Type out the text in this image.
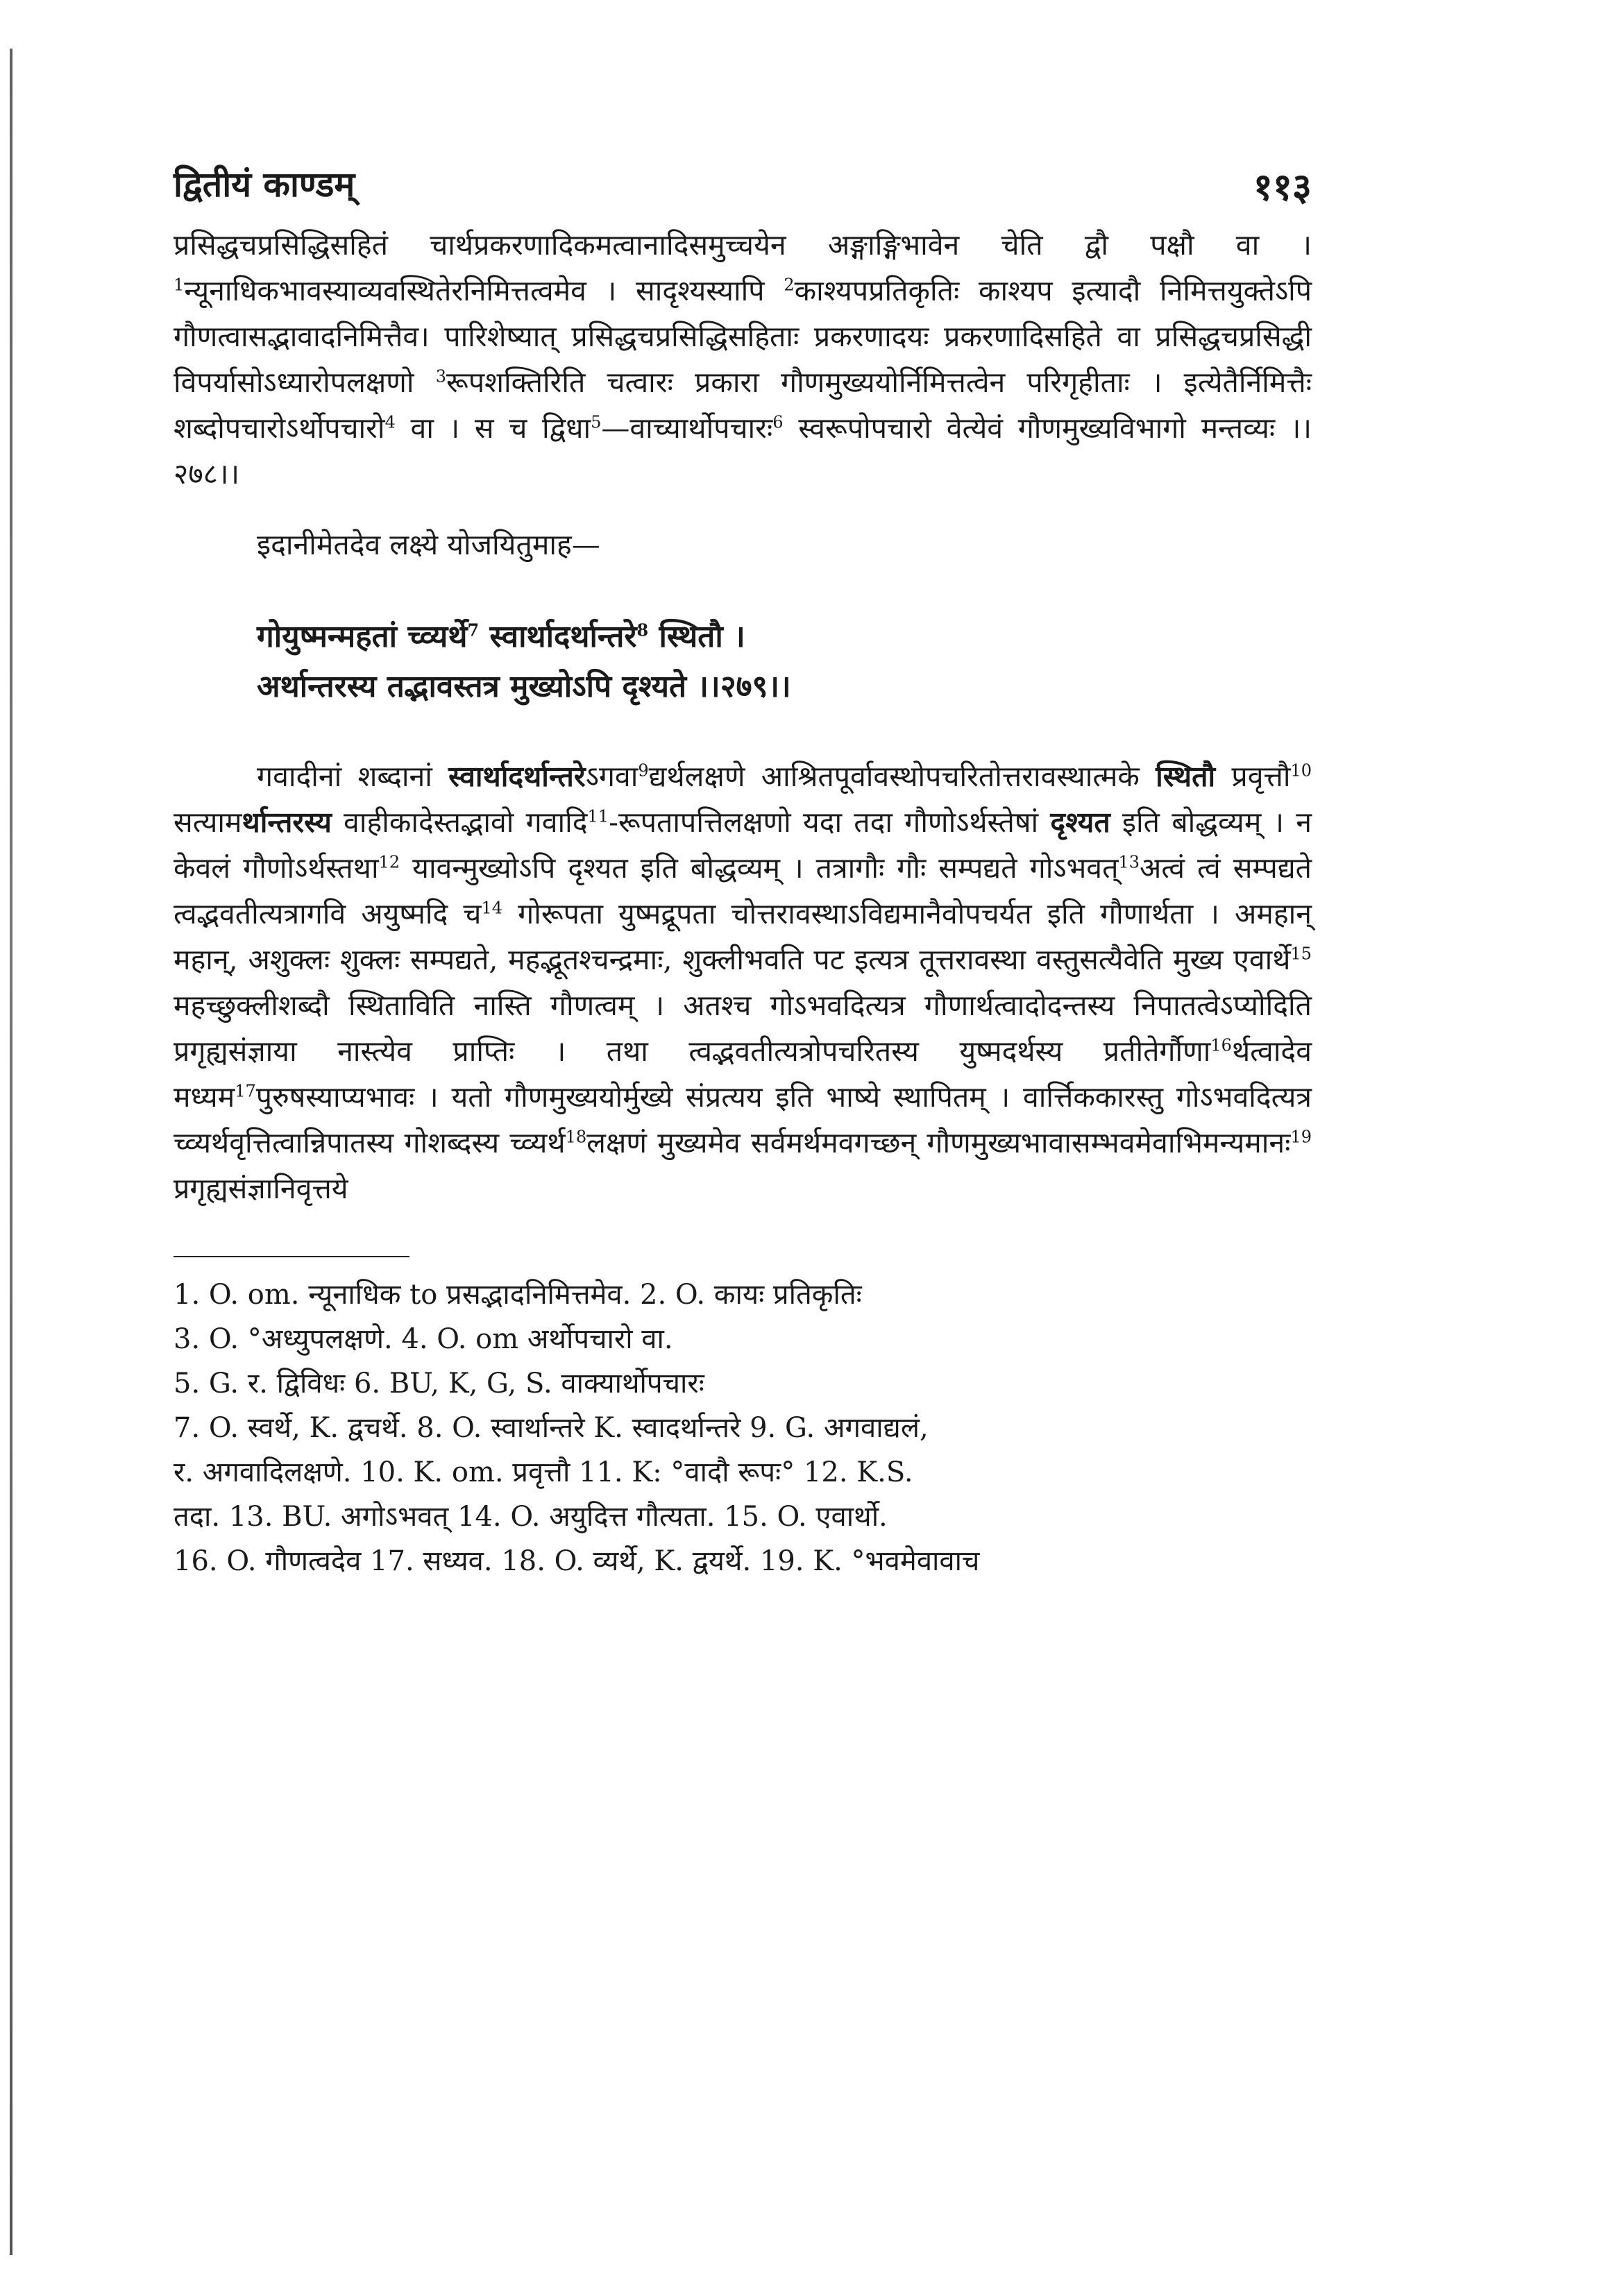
द्वितीयं काण्डम्	११३

प्रसिद्धचप्रसिद्धिसहितं चार्थप्रकरणादिकमत्वानादिसमुच्चयेन अङ्गाङ्गिभावेन चेति द्वौ पक्षौ वा । $^1$न्यूनाधिकभावस्याव्यवस्थितेरनिमित्तत्वमेव । सादृश्यस्यापि $^2$काश्यपप्रतिकृतिः काश्यप इत्यादौ निमित्तयुक्तेऽपि गौणत्वासद्भावादनिमित्तैव। पारिशेष्यात् प्रसिद्धचप्रसिद्धिसहिताः प्रकरणादयः प्रकरणादिसहिते वा प्रसिद्धचप्रसिद्धी विपर्यासोऽध्यारोपलक्षणो $^3$रूपशक्तिरिति चत्वारः प्रकारा गौणमुख्ययोर्निमित्तत्वेन परिगृहीताः । इत्येतैर्निमित्तैः शब्दोपचारोऽर्थोपचारो$^4$ वा । स च द्विधा$^5$—वाच्यार्थोपचारः$^6$ स्वरूपोपचारो वेत्येवं गौणमुख्यविभागो मन्तव्यः ।।२७८।।

इदानीमेतदेव लक्ष्ये योजयितुमाह—

गोयुष्मन्महतां च्व्यर्थे$^7$ स्वार्थादर्थान्तरे$^8$ स्थितौ ।
अर्थान्तरस्य तद्भावस्तत्र मुख्योऽपि दृश्यते ।।२७९।।

गवादीनां शब्दानां स्वार्थादर्थान्तरेऽगवा$^9$द्यर्थलक्षणे आश्रितपूर्वावस्थोपचरितोत्तरावस्थात्मके स्थितौ प्रवृत्तौ$^{10}$ सत्यामर्थान्तरस्य वाहीकादेस्तद्भावो गवादि$^{11}$-रूपतापत्तिलक्षणो यदा तदा गौणोऽर्थस्तेषां दृश्यत इति बोद्धव्यम् । न केवलं गौणोऽर्थस्तथा$^{12}$ यावन्मुख्योऽपि दृश्यत इति बोद्धव्यम् । तत्रागौः गौः सम्पद्यते गोऽभवत्$^{13}$अत्वं त्वं सम्पद्यते त्वद्भवतीत्यत्रागवि अयुष्मदि च$^{14}$ गोरूपता युष्मद्रूपता चोत्तरावस्थाऽविद्यमानैवोपचर्यत इति गौणार्थता । अमहान् महान्, अशुक्लः शुक्लः सम्पद्यते, महद्भूतश्चन्द्रमाः, शुक्लीभवति पट इत्यत्र तूत्तरावस्था वस्तुसत्यैवेति मुख्य एवार्थे$^{15}$ महच्छुक्लीशब्दौ स्थिताविति नास्ति गौणत्वम् । अतश्च गोऽभवदित्यत्र गौणार्थत्वादोदन्तस्य निपातत्वेऽप्योदिति प्रगृह्यसंज्ञाया नास्त्येव प्राप्तिः । तथा त्वद्भवतीत्यत्रोपचरितस्य युष्मदर्थस्य प्रतीतेर्गौणा$^{16}$र्थत्वादेव मध्यम$^{17}$पुरुषस्याप्यभावः । यतो गौणमुख्ययोर्मुख्ये संप्रत्यय इति भाष्ये स्थापितम् । वार्त्तिककारस्तु गोऽभवदित्यत्र च्व्यर्थवृत्तित्वान्निपातस्य गोशब्दस्य च्व्यर्थ$^{18}$लक्षणं मुख्यमेव सर्वमर्थमवगच्छन् गौणमुख्यभावासम्भवमेवाभिमन्यमानः$^{19}$ प्रगृह्यसंज्ञानिवृत्तये

1. O. om. न्यूनाधिक to प्रसद्भादनिमित्तमेव. 2. O. कायः प्रतिकृतिः

3. O. °अध्युपलक्षणे. 4. O. om अर्थोपचारो वा.

5. G. र. द्विविधः 6. BU, K, G, S. वाक्यार्थोपचारः

7. O. स्वर्थे, K. द्वचर्थे. 8. O. स्वार्थान्तरे K. स्वादर्थान्तरे 9. G. अगवाद्यलं,

र. अगवादिलक्षणे. 10. K. om. प्रवृत्तौ 11. K: °वादौ रूपः° 12. K.S.

तदा. 13. BU. अगोऽभवत् 14. O. अयुदित्त गौत्यता. 15. O. एवार्थो.

16. O. गौणत्वदेव 17. सध्यव. 18. O. व्यर्थे, K. द्वयर्थे. 19. K. °भवमेवावाच
